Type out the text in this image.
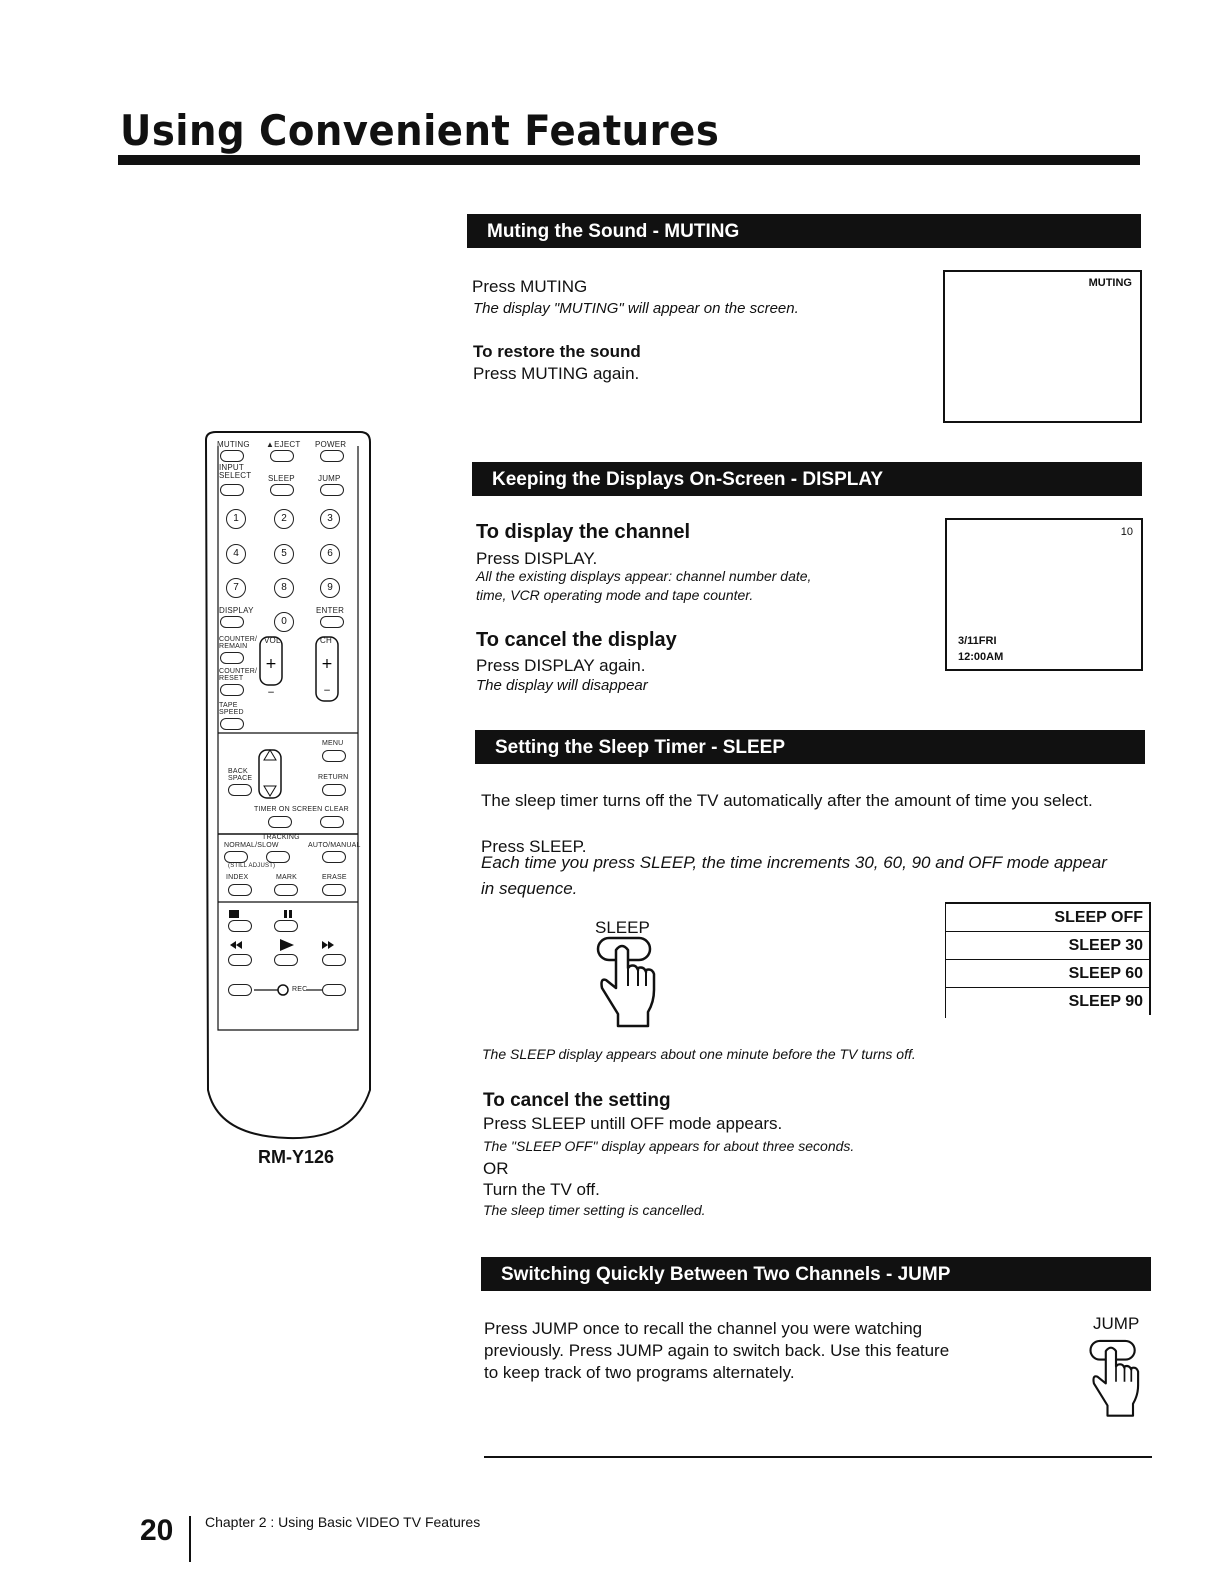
Using Convenient Features
Muting the Sound - MUTING
Press MUTING
The display "MUTING" will appear on the screen.
To restore the sound
Press MUTING again.
MUTING
Keeping the Displays On-Screen - DISPLAY
To display the channel
Press DISPLAY.
All the existing displays appear: channel number date,
time, VCR operating mode and tape counter.
To cancel the display
Press DISPLAY again.
The display will disappear
10
3/11FRI
12:00AM
Setting the Sleep Timer - SLEEP
The sleep timer turns off the TV automatically after the amount of time you select.
Press SLEEP.
Each time you press SLEEP, the time increments 30, 60, 90 and OFF mode appear
in sequence.
SLEEP
SLEEP OFF
SLEEP 30
SLEEP 60
SLEEP 90
The SLEEP display appears about one minute before the TV turns off.
To cancel the setting
Press SLEEP untill OFF mode appears.
The "SLEEP OFF" display appears for about three seconds.
OR
Turn the TV off.
The sleep timer setting is cancelled.
Switching Quickly Between Two Channels - JUMP
Press JUMP once to recall the channel you were watching
previously. Press JUMP again to switch back. Use this feature
to keep track of two programs alternately.
JUMP
+	+
−	−
MUTING ▲EJECT POWER
INPUT SELECT SLEEP	JUMP
1	2	3
4	5	6
7	8	9
DISPLAY	ENTER
0
COUNTER/ REMAIN
VOL	CH
COUNTER/ RESET
TAPE SPEED
MENU
BACK SPACE	RETURN
TIMER ON SCREEN CLEAR
TRACKING
NORMAL/SLOW	AUTO/MANUAL
(STILL ADJUST)
INDEX	MARK	ERASE
REC
RM-Y126
20 Chapter 2 : Using Basic VIDEO TV Features
